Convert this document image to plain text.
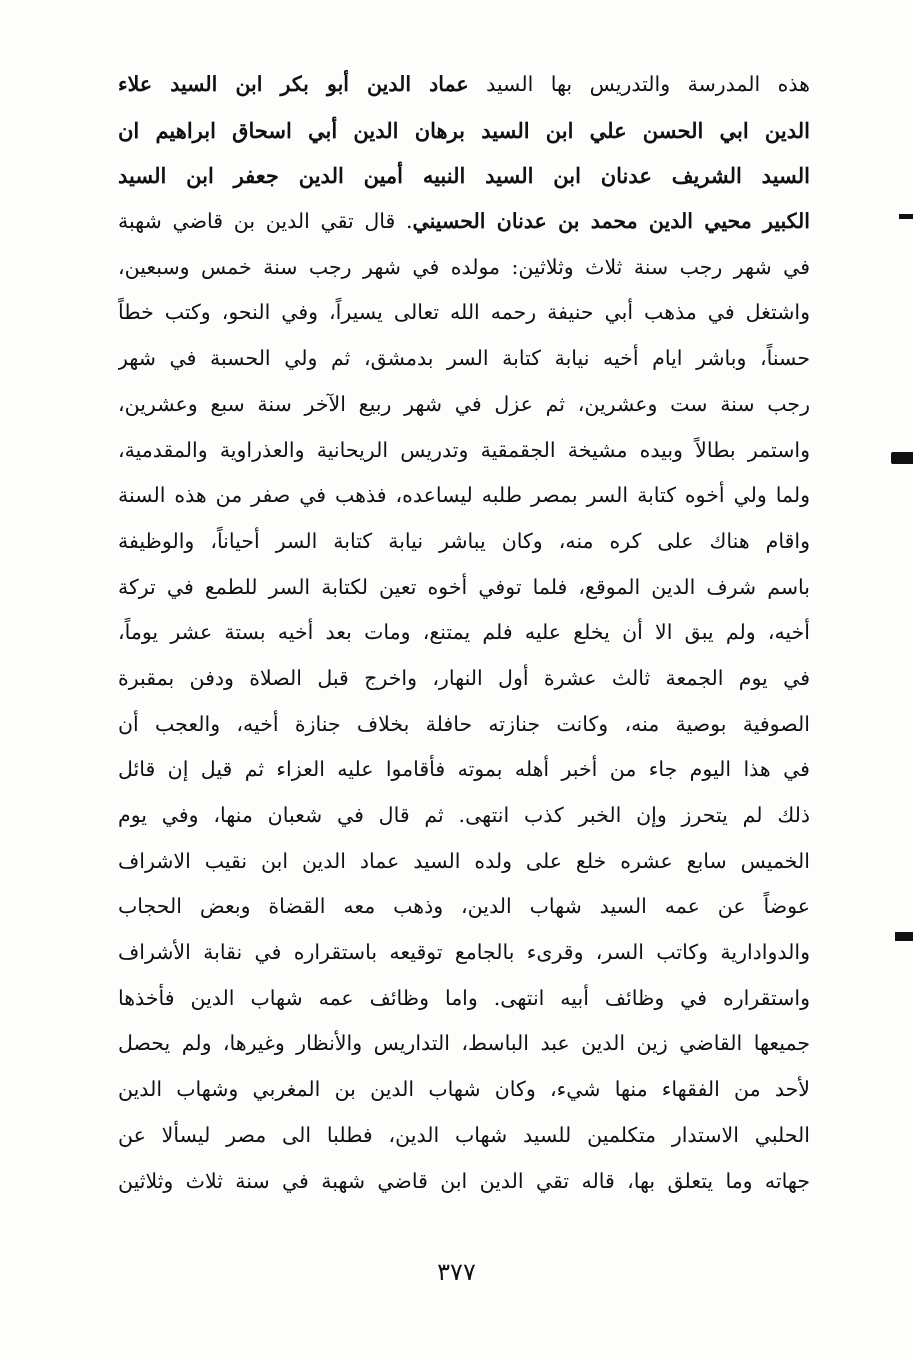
هذه المدرسة والتدريس بها السيد عماد الدين أبو بكر ابن السيد علاء
الدين ابي الحسن علي ابن السيد برهان الدين أبي اسحاق ابراهيم ان
السيد الشريف عدنان ابن السيد النبيه أمين الدين جعفر ابن السيد
الكبير محيي الدين محمد بن عدنان الحسيني. قال تقي الدين بن قاضي شهبة
في شهر رجب سنة ثلاث وثلاثين: مولده في شهر رجب سنة خمس وسبعين،
واشتغل في مذهب أبي حنيفة رحمه الله تعالى يسيراً، وفي النحو، وكتب خطاً
حسناً، وباشر ايام أخيه نيابة كتابة السر بدمشق، ثم ولي الحسبة في شهر
رجب سنة ست وعشرين، ثم عزل في شهر ربيع الآخر سنة سبع وعشرين،
واستمر بطالاً وبيده مشيخة الجقمقية وتدريس الريحانية والعذراوية والمقدمية،
ولما ولي أخوه كتابة السر بمصر طلبه ليساعده، فذهب في صفر من هذه السنة
واقام هناك على كره منه، وكان يباشر نيابة كتابة السر أحياناً، والوظيفة
باسم شرف الدين الموقع، فلما توفي أخوه تعين لكتابة السر للطمع في تركة
أخيه، ولم يبق الا أن يخلع عليه فلم يمتنع، ومات بعد أخيه بستة عشر يوماً،
في يوم الجمعة ثالث عشرة أول النهار، واخرج قبل الصلاة ودفن بمقبرة
الصوفية بوصية منه، وكانت جنازته حافلة بخلاف جنازة أخيه، والعجب أن
في هذا اليوم جاء من أخبر أهله بموته فأقاموا عليه العزاء ثم قيل إن قائل
ذلك لم يتحرز وإن الخبر كذب انتهى. ثم قال في شعبان منها، وفي يوم
الخميس سابع عشره خلع على ولده السيد عماد الدين ابن نقيب الاشراف
عوضاً عن عمه السيد شهاب الدين، وذهب معه القضاة وبعض الحجاب
والدوادارية وكاتب السر، وقرىء بالجامع توقيعه باستقراره في نقابة الأشراف
واستقراره في وظائف أبيه انتهى. واما وظائف عمه شهاب الدين فأخذها
جميعها القاضي زين الدين عبد الباسط، التداريس والأنظار وغيرها، ولم يحصل
لأحد من الفقهاء منها شيء، وكان شهاب الدين بن المغربي وشهاب الدين
الحلبي الاستدار متكلمين للسيد شهاب الدين، فطلبا الى مصر ليسألا عن
جهاته وما يتعلق بها، قاله تقي الدين ابن قاضي شهبة في سنة ثلاث وثلاثين
٣٧٧
